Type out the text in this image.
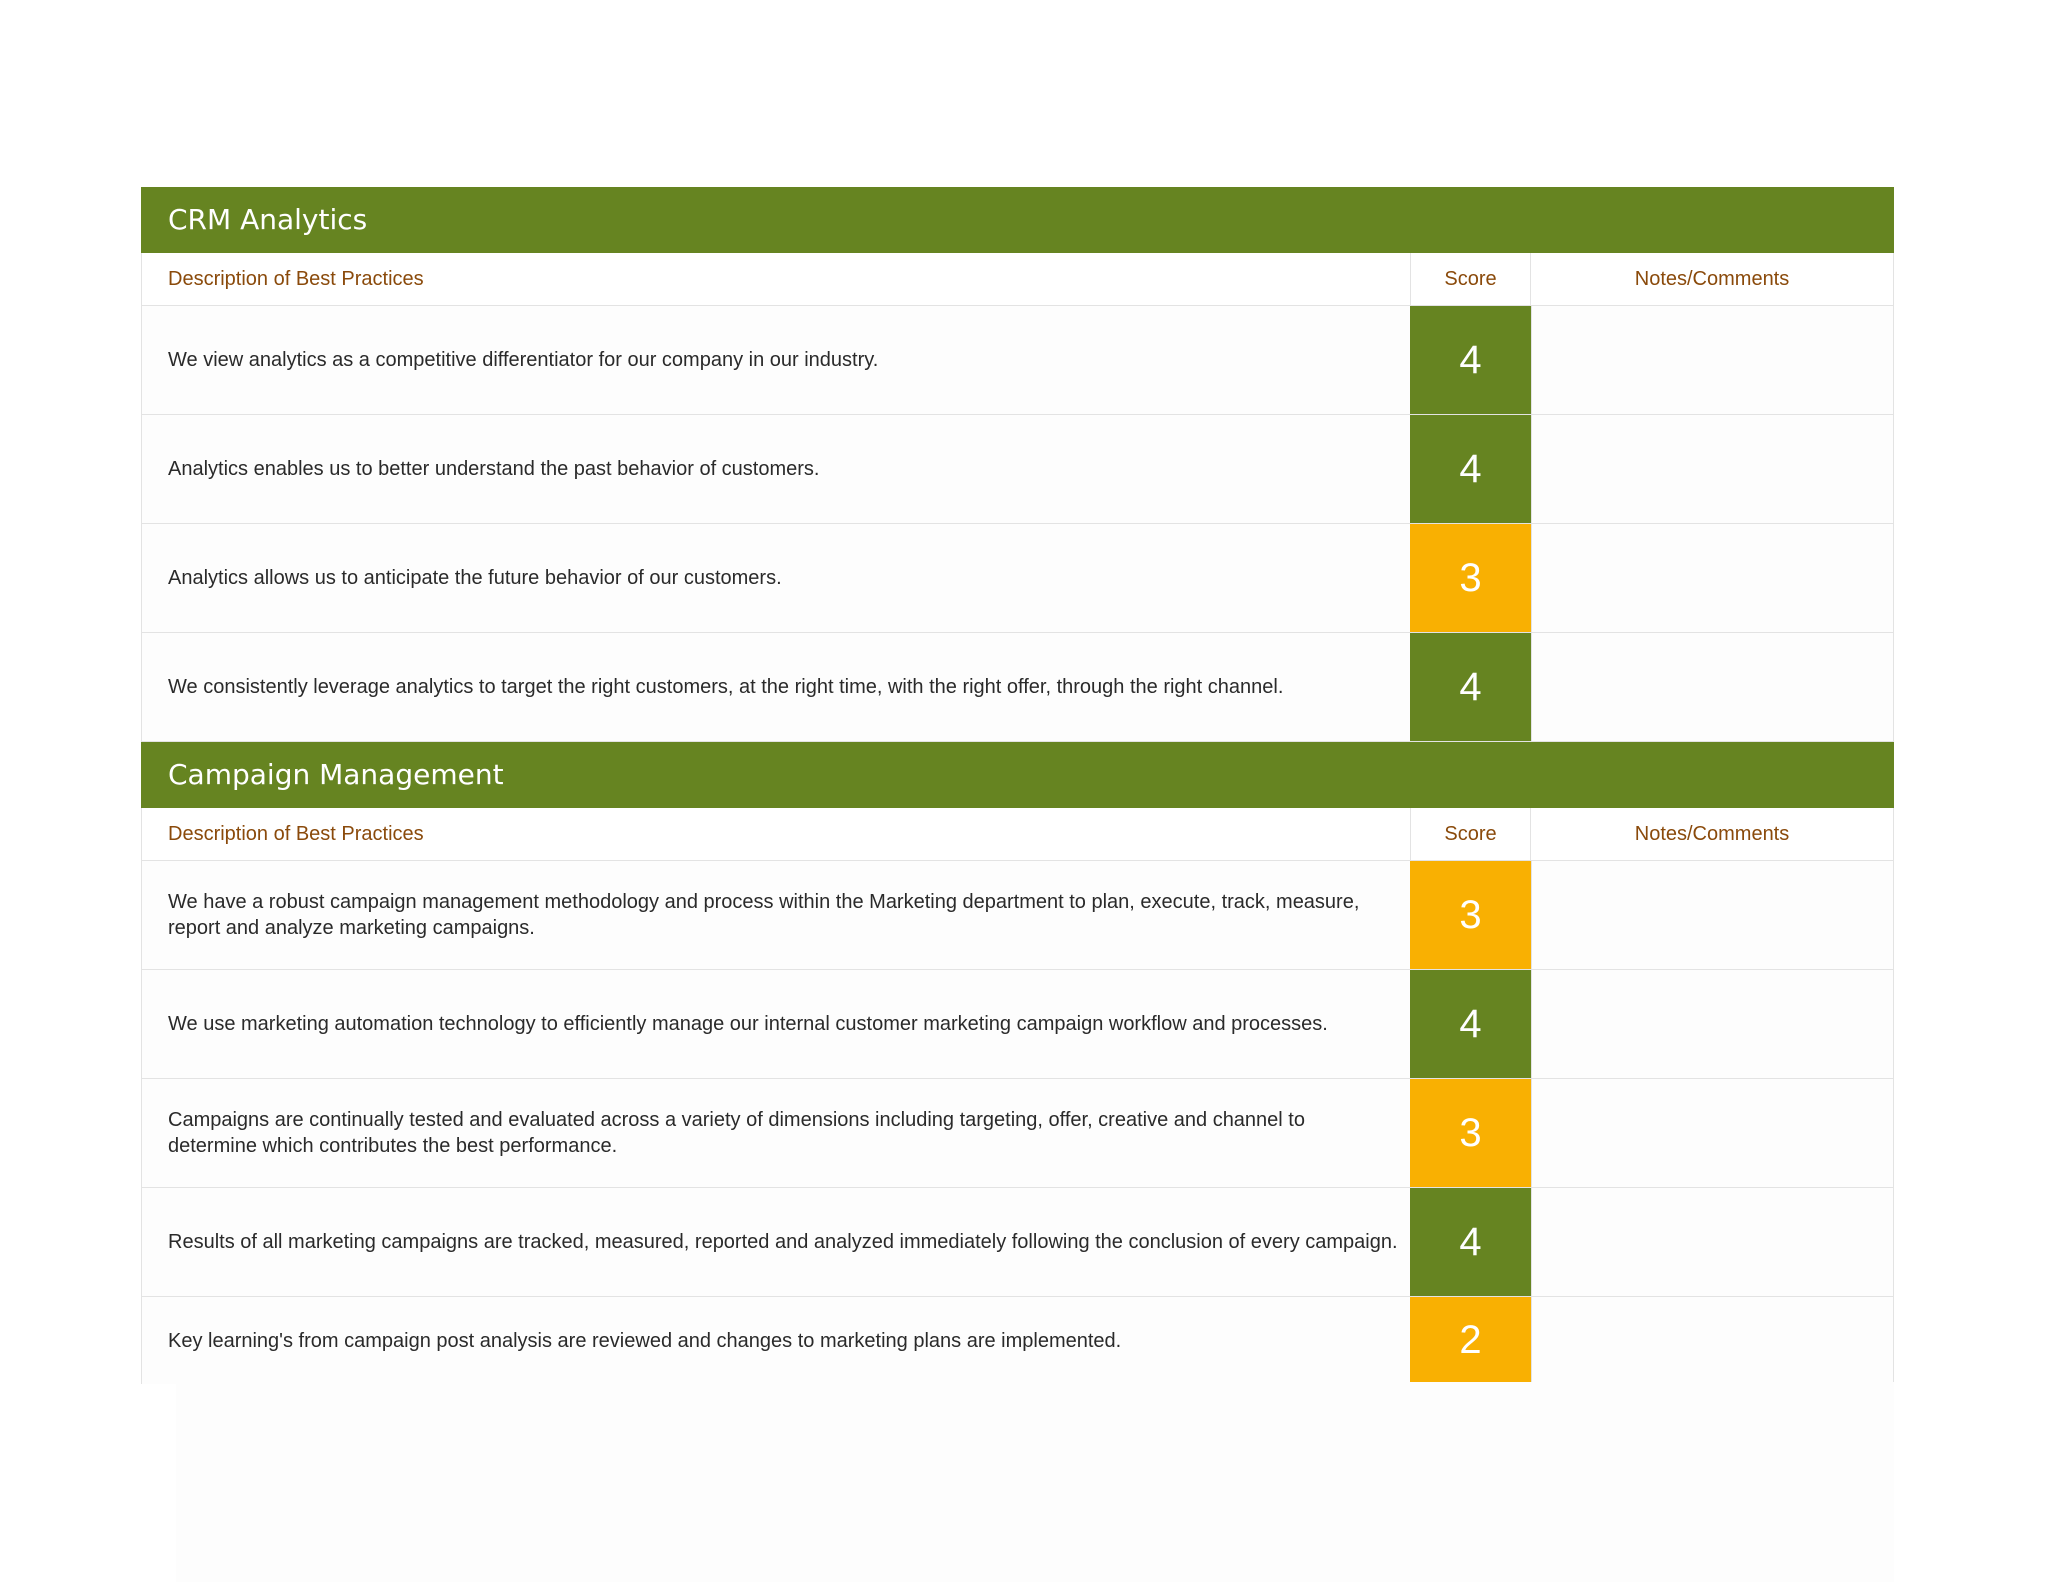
CRM Analytics
Description of Best Practices	Score	Notes/Comments
We view analytics as a competitive differentiator for our company in our industry.	4
Analytics enables us to better understand the past behavior of customers.	4
Analytics allows us to anticipate the future behavior of our customers.	3
We consistently leverage analytics to target the right customers, at the right time, with the right offer, through the right channel.	4
Campaign Management
Description of Best Practices	Score	Notes/Comments
We have a robust campaign management methodology and process within the Marketing department to plan, execute, track, measure, report and analyze marketing campaigns.	3
We use marketing automation technology to efficiently manage our internal customer marketing campaign workflow and processes.	4
Campaigns are continually tested and evaluated across a variety of dimensions including targeting, offer, creative and channel to determine which contributes the best performance.	3
Results of all marketing campaigns are tracked, measured, reported and analyzed immediately following the conclusion of every campaign.	4
Key learning's from campaign post analysis are reviewed and changes to marketing plans are implemented.	2
